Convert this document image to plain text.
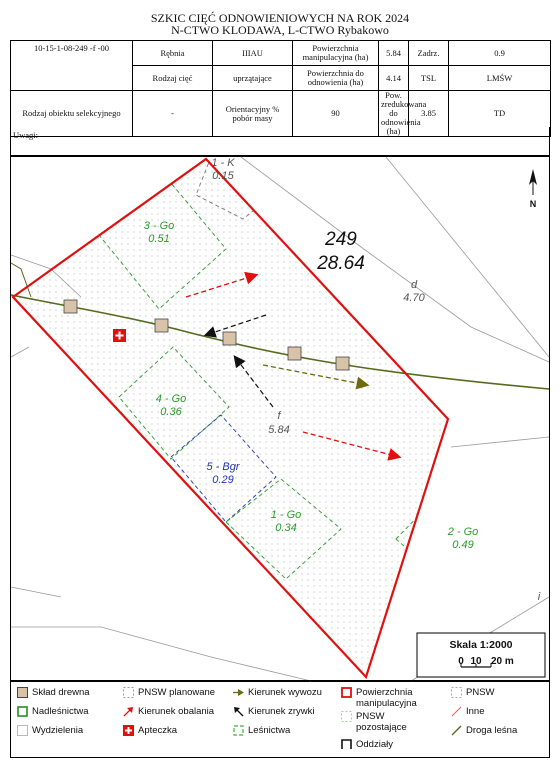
SZKIC CIĘĆ ODNOWIENIOWYCH NA ROK 2024
N-CTWO KLODAWA, L-CTWO Rybakowo
10-15-1-08-249 -f -00	Rębnia	IIIAU	Powierzchnia manipulacyjna (ha)	5.84	Zadrz.	0.9	
	Rodzaj cięć	uprzątające	Powierzchnia do odnowienia (ha)	4.14	TSL	LMŚW	
Rodzaj obiektu selekcyjnego	-	Orientacyjny % pobór masy	90	Pow. zredukowana do odnowienia (ha)	3.85	TD	
Uwagi:
1 - K
0.15
3 - Go
0.51
4 - Go
0.36
5 - Bgr
0.29
1 - Go
0.34	2 - Go
0.49
249
28.64
d
4.70
f
5.84
i
N
Skala 1:2000
0 10 20 m
Skład drewna
Nadleśnictwa
Wydzielenia
PNSW planowane
Kierunek obalania
Apteczka
Kierunek wywozu
Kierunek zrywki
Leśnictwa
Powierzchnia manipulacyjna
PNSW pozostające
Oddziały
PNSW
Inne
Droga leśna
